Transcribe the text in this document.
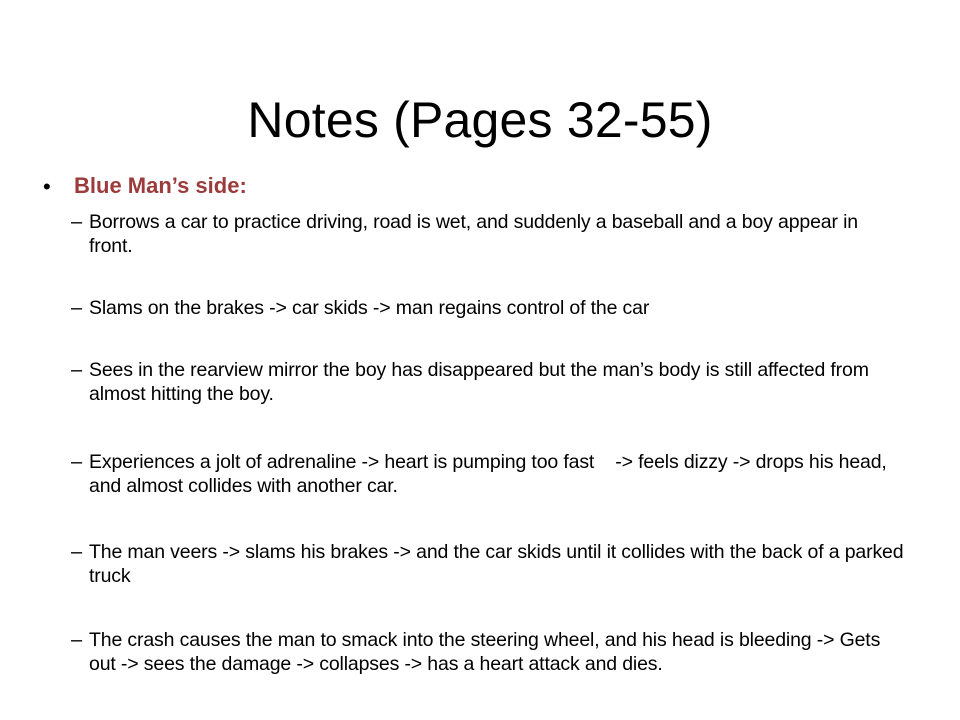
Notes (Pages 32-55)
• Blue Man’s side:
– Borrows a car to practice driving, road is wet, and suddenly a baseball and a boy appear in front.
– Slams on the brakes -> car skids -> man regains control of the car
– Sees in the rearview mirror the boy has disappeared but the man’s body is still affected from almost hitting the boy.
– Experiences a jolt of adrenaline -> heart is pumping too fast    -> feels dizzy -> drops his head, and almost collides with another car.
– The man veers -> slams his brakes -> and the car skids until it collides with the back of a parked truck
– The crash causes the man to smack into the steering wheel, and his head is bleeding -> Gets out -> sees the damage -> collapses -> has a heart attack and dies.
